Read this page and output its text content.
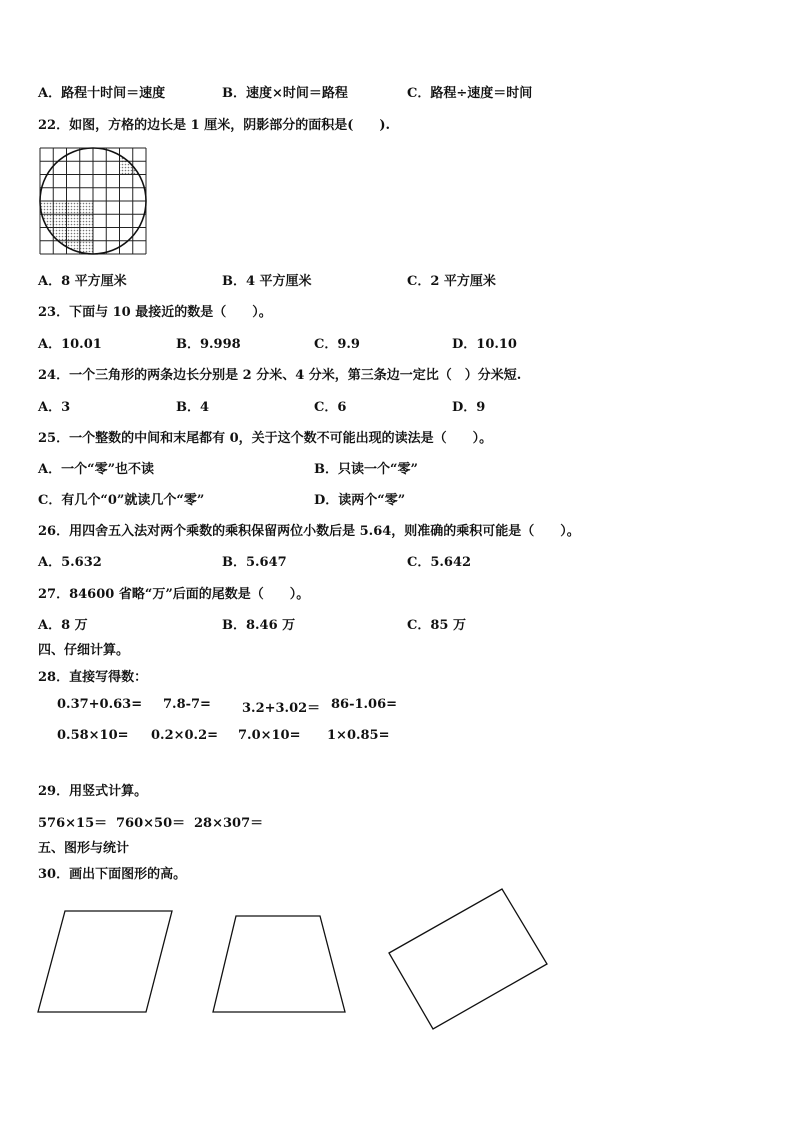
A．路程十时间＝速度	B．速度×时间＝路程	C．路程÷速度＝时间
22．如图，方格的边长是 1 厘米，阴影部分的面积是(　　).
A．8 平方厘米	B．4 平方厘米	C．2 平方厘米
23．下面与 10 最接近的数是（　　）。
A．10.01	B．9.998	C．9.9	D．10.10
24．一个三角形的两条边长分别是 2 分米、4 分米，第三条边一定比（　）分米短.
A．3	B．4	C．6	D．9
25．一个整数的中间和末尾都有 0，关于这个数不可能出现的读法是（　　）。
A．一个“零”也不读	B．只读一个“零”
C．有几个“0”就读几个“零”	D．读两个“零”
26．用四舍五入法对两个乘数的乘积保留两位小数后是 5.64，则准确的乘积可能是（　　）。
A．5.632	B．5.647	C．5.642
27．84600 省略“万”后面的尾数是（　　）。
A．8 万	B．8.46 万	C．85 万
四、仔细计算。
28．直接写得数：
0.37+0.63= 7.8-7= 3.2+3.02＝ 86-1.06=
0.58×10= 0.2×0.2= 7.0×10= 1×0.85=
29．用竖式计算。
576×15＝ 760×50＝ 28×307＝
五、图形与统计
30．画出下面图形的高。
